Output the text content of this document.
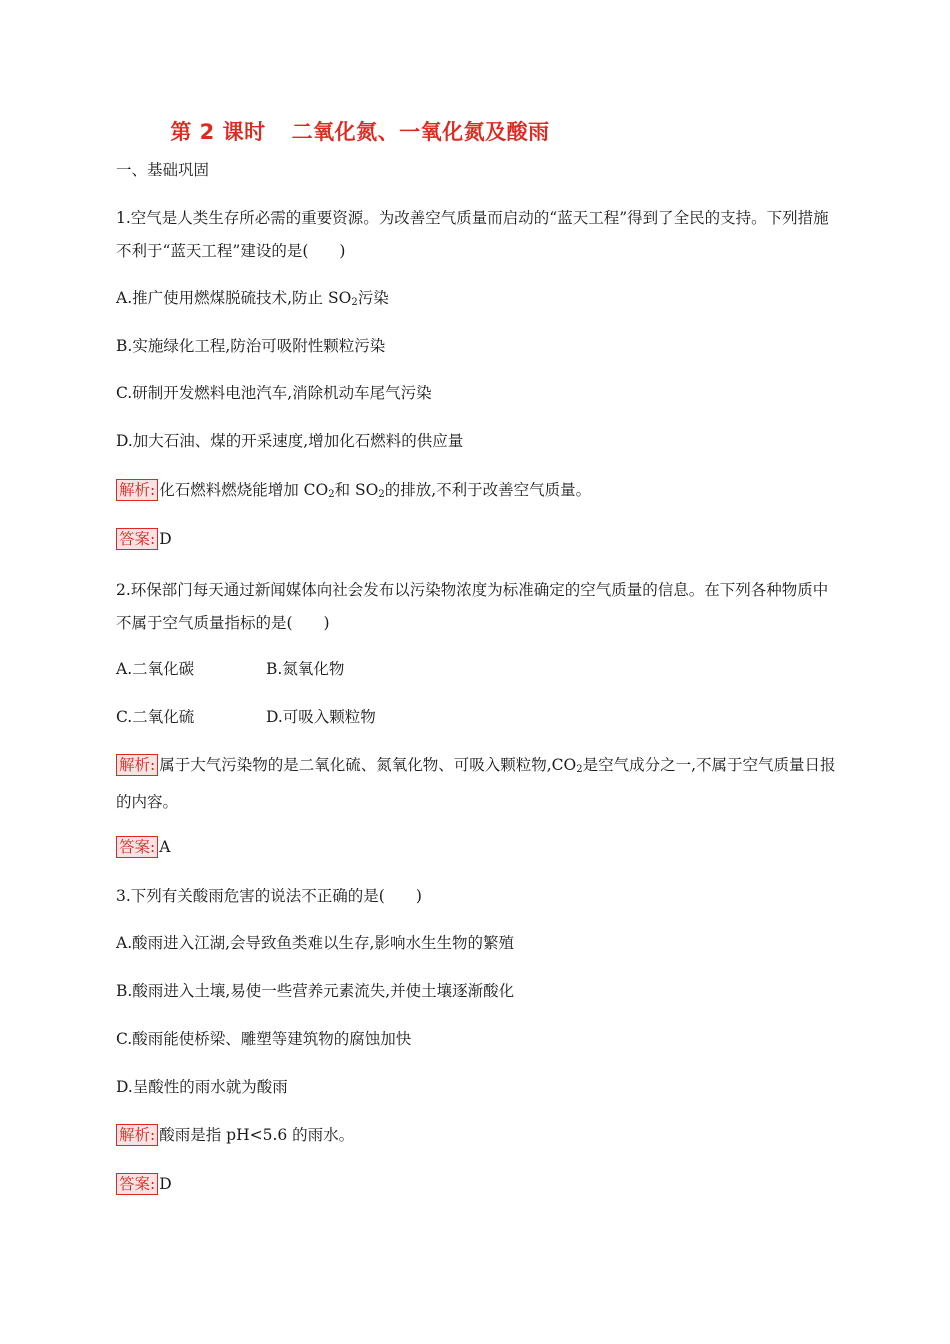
第 2 课时 二氧化氮、一氧化氮及酸雨
一、基础巩固
1.空气是人类生存所必需的重要资源。为改善空气质量而启动的“蓝天工程”得到了全民的支持。下列措施不利于“蓝天工程”建设的是(　　)
A.推广使用燃煤脱硫技术,防止 $SO_2$污染
B.实施绿化工程,防治可吸附性颗粒污染
C.研制开发燃料电池汽车,消除机动车尾气污染
D.加大石油、煤的开采速度,增加化石燃料的供应量
解析: 化石燃料燃烧能增加 $CO_2$和 $SO_2$的排放,不利于改善空气质量。
答案: D
2.环保部门每天通过新闻媒体向社会发布以污染物浓度为标准确定的空气质量的信息。在下列各种物质中不属于空气质量指标的是(　　)
A.二氧化碳	B.氮氧化物
C.二氧化硫	D.可吸入颗粒物
解析: 属于大气污染物的是二氧化硫、氮氧化物、可吸入颗粒物$,CO_2$是空气成分之一,不属于空气质量日报的内容。
答案: A
3.下列有关酸雨危害的说法不正确的是(　　)
A.酸雨进入江湖,会导致鱼类难以生存,影响水生生物的繁殖
B.酸雨进入土壤,易使一些营养元素流失,并使土壤逐渐酸化
C.酸雨能使桥梁、雕塑等建筑物的腐蚀加快
D.呈酸性的雨水就为酸雨
解析: 酸雨是指 pH<5.6 的雨水。
答案: D
